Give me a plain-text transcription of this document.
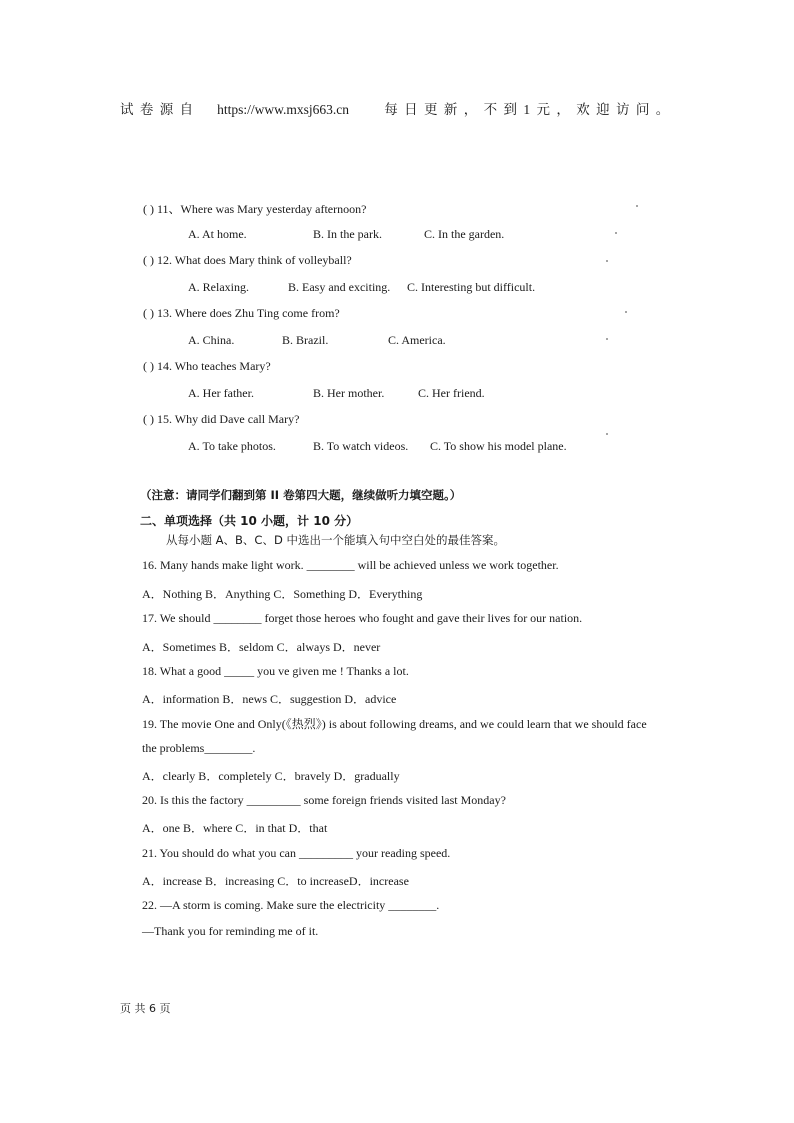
试 卷 源 自 https://www.mxsj663.cn	每 日 更 新 ， 不 到 1 元 ， 欢 迎 访 问 。
( ) 11、Where was Mary yesterday afternoon?
A. At home.	B. In the park.	C. In the garden.
( ) 12. What does Mary think of volleyball?
A. Relaxing.	B. Easy and exciting. C. Interesting but difficult.
( ) 13. Where does Zhu Ting come from?
A. China.	B. Brazil.	C. America.
( ) 14. Who teaches Mary?
A. Her father.	B. Her mother.	C. Her friend.
( ) 15. Why did Dave call Mary?
A. To take photos.	B. To watch videos. C. To show his model plane.
（注意：请同学们翻到第 II 卷第四大题，继续做听力填空题。）
二、单项选择（共 10 小题，计 10 分）
从每小题 A、B、C、D 中选出一个能填入句中空白处的最佳答案。
16. Many hands make light work. ________ will be achieved unless we work together.
A．Nothing B．Anything C．Something D．Everything
17. We should ________ forget those heroes who fought and gave their lives for our nation.
A．Sometimes B．seldom C．always D．never
18. What a good _____ you ve given me ! Thanks a lot.
A．information B．news C．suggestion D．advice
19. The movie One and Only(《热烈》) is about following dreams, and we could learn that we should face
the problems________.
A．clearly B．completely C．bravely D．gradually
20. Is this the factory _________ some foreign friends visited last Monday?
A．one B．where C．in that D．that
21. You should do what you can _________ your reading speed.
A．increase B．increasing C．to increaseD．increase
22. —A storm is coming. Make sure the electricity ________.
—Thank you for reminding me of it.
页 共 6 页
